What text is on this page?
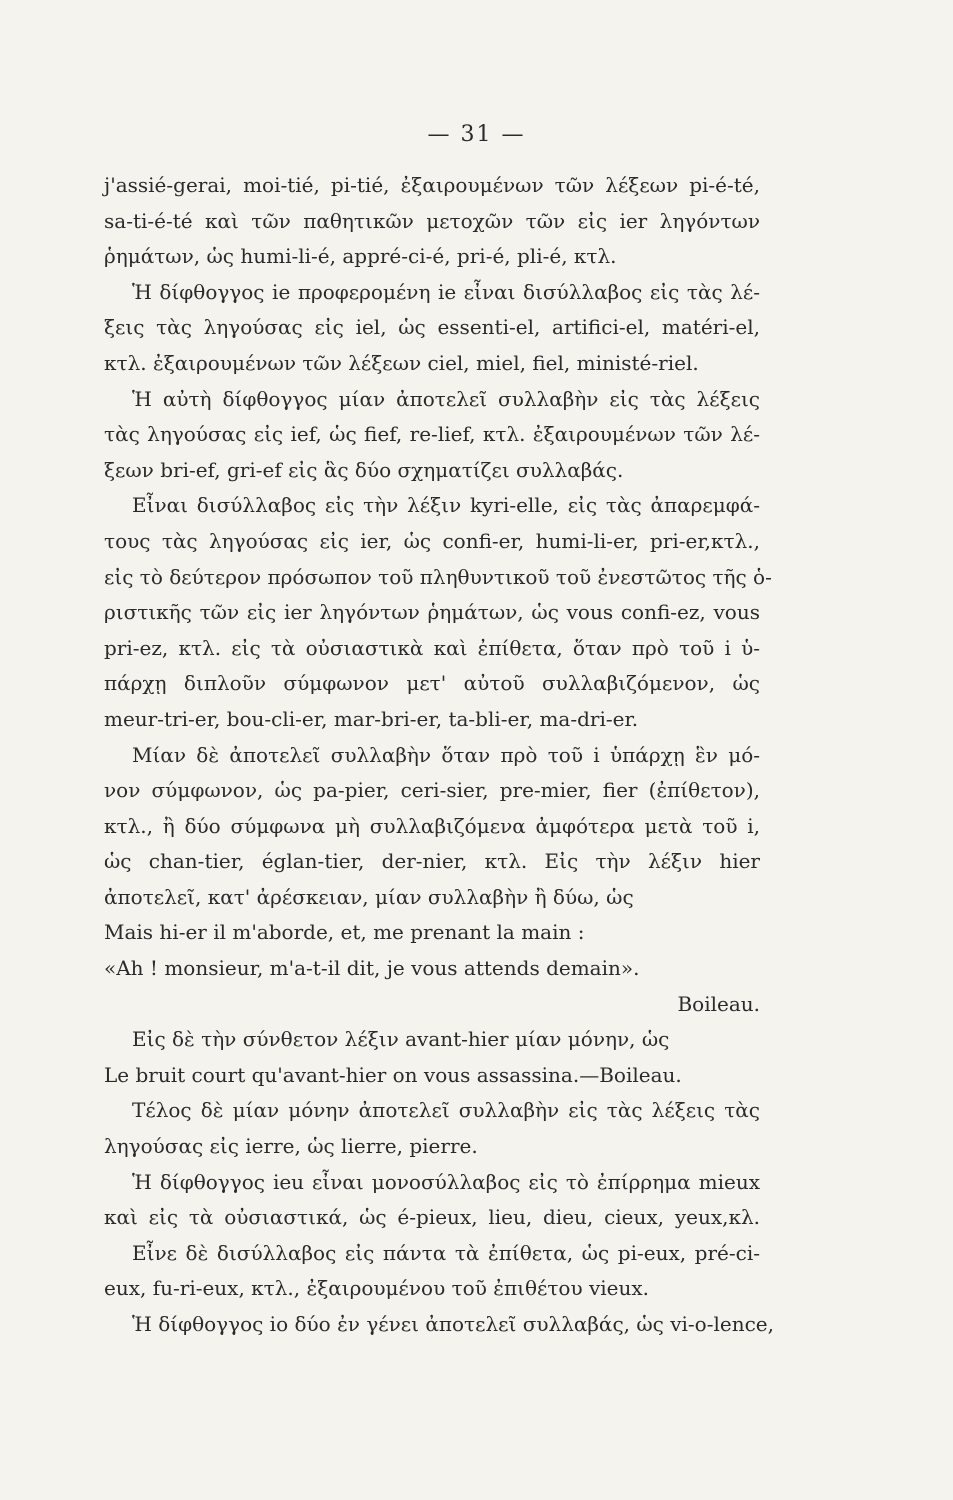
— 31 —
j'assié-gerai, moi-tié, pi-tié, ἐξαιρουμένων τῶν λέξεων pi-é-té,
sa-ti-é-té καὶ τῶν παθητικῶν μετοχῶν τῶν εἰς ier ληγόντων
ῥημάτων, ὡς humi-li-é, appré-ci-é, pri-é, pli-é, κτλ.
Ἡ δίφθογγος ie προφερομένη ie εἶναι δισύλλαβος εἰς τὰς λέ-
ξεις τὰς ληγούσας εἰς iel, ὡς essenti-el, artifici-el, matéri-el,
κτλ. ἐξαιρουμένων τῶν λέξεων ciel, miel, fiel, ministé-riel.
Ἡ αὐτὴ δίφθογγος μίαν ἀποτελεῖ συλλαβὴν εἰς τὰς λέξεις
τὰς ληγούσας εἰς ief, ὡς fief, re-lief, κτλ. ἐξαιρουμένων τῶν λέ-
ξεων bri-ef, gri-ef εἰς ἃς δύο σχηματίζει συλλαβάς.
Εἶναι δισύλλαβος εἰς τὴν λέξιν kyri-elle, εἰς τὰς ἀπαρεμφά-
τους τὰς ληγούσας εἰς ier, ὡς confi-er, humi-li-er, pri-er,κτλ.,
εἰς τὸ δεύτερον πρόσωπον τοῦ πληθυντικοῦ τοῦ ἐνεστῶτος τῆς ὁ-
ριστικῆς τῶν εἰς ier ληγόντων ῥημάτων, ὡς vous confi-ez, vous
pri-ez, κτλ. εἰς τὰ οὐσιαστικὰ καὶ ἐπίθετα, ὅταν πρὸ τοῦ i ὑ-
πάρχῃ διπλοῦν σύμφωνον μετ' αὐτοῦ συλλαβιζόμενον, ὡς
meur-tri-er, bou-cli-er, mar-bri-er, ta-bli-er, ma-dri-er.
Μίαν δὲ ἀποτελεῖ συλλαβὴν ὅταν πρὸ τοῦ i ὑπάρχῃ ἓν μό-
νον σύμφωνον, ὡς pa-pier, ceri-sier, pre-mier, fier (ἐπίθετον),
κτλ., ἢ δύο σύμφωνα μὴ συλλαβιζόμενα ἀμφότερα μετὰ τοῦ i,
ὡς chan-tier, églan-tier, der-nier, κτλ. Εἰς τὴν λέξιν hier
ἀποτελεῖ, κατ' ἀρέσκειαν, μίαν συλλαβὴν ἢ δύω, ὡς
Mais hi-er il m'aborde, et, me prenant la main :
«Ah ! monsieur, m'a-t-il dit, je vous attends demain».
Boileau.
Εἰς δὲ τὴν σύνθετον λέξιν avant-hier μίαν μόνην, ὡς
Le bruit court qu'avant-hier on vous assassina.—Boileau.
Τέλος δὲ μίαν μόνην ἀποτελεῖ συλλαβὴν εἰς τὰς λέξεις τὰς
ληγούσας εἰς ierre, ὡς lierre, pierre.
Ἡ δίφθογγος ieu εἶναι μονοσύλλαβος εἰς τὸ ἐπίρρημα mieux
καὶ εἰς τὰ οὐσιαστικά, ὡς é-pieux, lieu, dieu, cieux, yeux,κλ.
Εἶνε δὲ δισύλλαβος εἰς πάντα τὰ ἐπίθετα, ὡς pi-eux, pré-ci-
eux, fu-ri-eux, κτλ., ἐξαιρουμένου τοῦ ἐπιθέτου vieux.
Ἡ δίφθογγος io δύο ἐν γένει ἀποτελεῖ συλλαβάς, ὡς vi-o-lence,
